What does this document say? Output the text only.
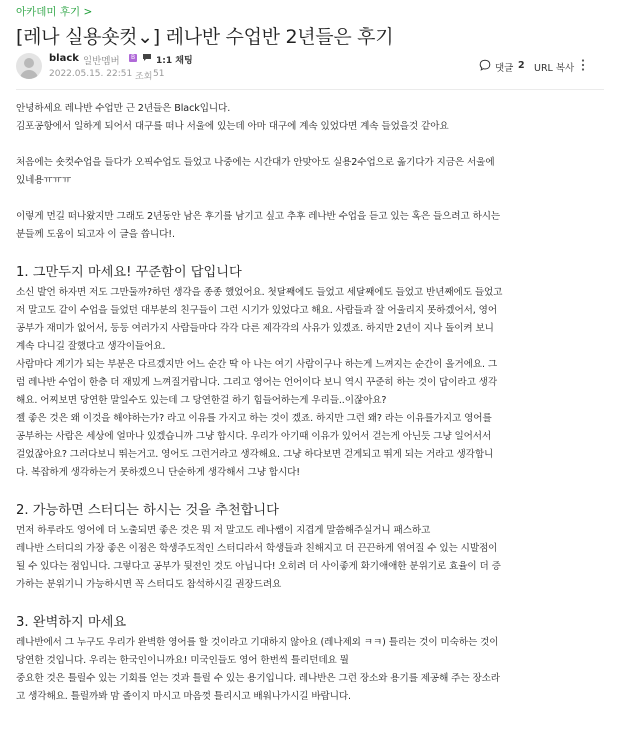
아카데미 후기 >
[레나 실용숏컷⌄] 레나반 수업반 2년들은 후기
black 일반멤버	B 1:1 채팅
2022.05.15. 22:51 조회 51	댓글 2 URL 복사

안녕하세요 레나반 수업만 근 2년들은 Black입니다.

김포공항에서 일하게 되어서 대구를 떠나 서울에 있는데 아마 대구에 계속 있었다면 계속 들었을것 같아요

처음에는 숏컷수업을 들다가 오픽수업도 들었고 나중에는 시간대가 안맞아도 실용2수업으로 옮기다가 지금은 서울에

있네용ㅠㅠㅠ

이렇게 먼길 떠나왔지만 그래도 2년동안 남은 후기를 남기고 싶고 추후 레나반 수업을 듣고 있는 혹은 들으려고 하시는

분들께 도움이 되고자 이 글을 씁니다!.

1. 그만두지 마세요! 꾸준함이 답입니다

소신 발언 하자면 저도 그만둘까?하던 생각을 종종 했었어요. 첫달째에도 들었고 세달째에도 들었고 반년째에도 들었고

저 말고도 같이 수업을 들었던 대부분의 친구들이 그런 시기가 있었다고 해요. 사람들과 잘 어울리지 못하겠어서, 영어

공부가 재미가 없어서, 등등 여러가지 사람들마다 각각 다른 제각각의 사유가 있겠죠. 하지만 2년이 지나 돌이켜 보니

계속 다니길 잘했다고 생각이들어요.

사람마다 계기가 되는 부분은 다르겠지만 어느 순간 딱 아 나는 여기 사람이구나 하는게 느껴지는 순간이 올거에요. 그

럼 레나반 수업이 한층 더 재밌게 느껴질거랍니다. 그리고 영어는 언어이다 보니 역시 꾸준히 하는 것이 답이라고 생각

해요. 어찌보면 당연한 말일수도 있는데 그 당연한걸 하기 힘들어하는게 우리들..이잖아요?

젤 좋은 것은 왜 이것을 해야하는가? 라고 이유를 가지고 하는 것이 겠죠. 하지만 그런 왜? 라는 이유를가지고 영어를

공부하는 사람은 세상에 얼마나 있겠습니까 그냥 합시다. 우리가 아기때 이유가 있어서 걷는게 아닌듯 그냥 일어서서

걸었잖아요? 그러다보니 뛰는거고. 영어도 그런거라고 생각해요. 그냥 하다보면 걷게되고 뛰게 되는 거라고 생각합니

다. 복잡하게 생각하는거 못하겠으니 단순하게 생각해서 그냥 합시다!

2. 가능하면 스터디는 하시는 것을 추천합니다

먼저 하루라도 영어에 더 노출되면 좋은 것은 뭐 저 말고도 레나쌤이 지겹게 말씀해주실거니 패스하고

레나반 스터디의 가장 좋은 이점은 학생주도적인 스터디라서 학생들과 친해지고 더 끈끈하게 엮여질 수 있는 시발점이

될 수 있다는 점입니다. 그렇다고 공부가 뒷전인 것도 아닙니다! 오히려 더 사이좋게 화기애애한 분위기로 효율이 더 증

가하는 분위기니 가능하시면 꼭 스터디도 참석하시길 권장드려요

3. 완벽하지 마세요

레나반에서 그 누구도 우리가 완벽한 영어를 할 것이라고 기대하지 않아요 (레나제외 ㅋㅋ) 틀리는 것이 미숙하는 것이

당연한 것입니다. 우리는 한국인이니까요! 미국인들도 영어 한번씩 틀리던데요 뭘

중요한 것은 틀릴수 있는 기회를 얻는 것과 틀릴 수 있는 용기입니다. 레나반은 그런 장소와 용기를 제공해 주는 장소라

고 생각해요. 틀릴까봐 맘 졸이지 마시고 마음껏 틀리시고 배워나가시길 바랍니다.
